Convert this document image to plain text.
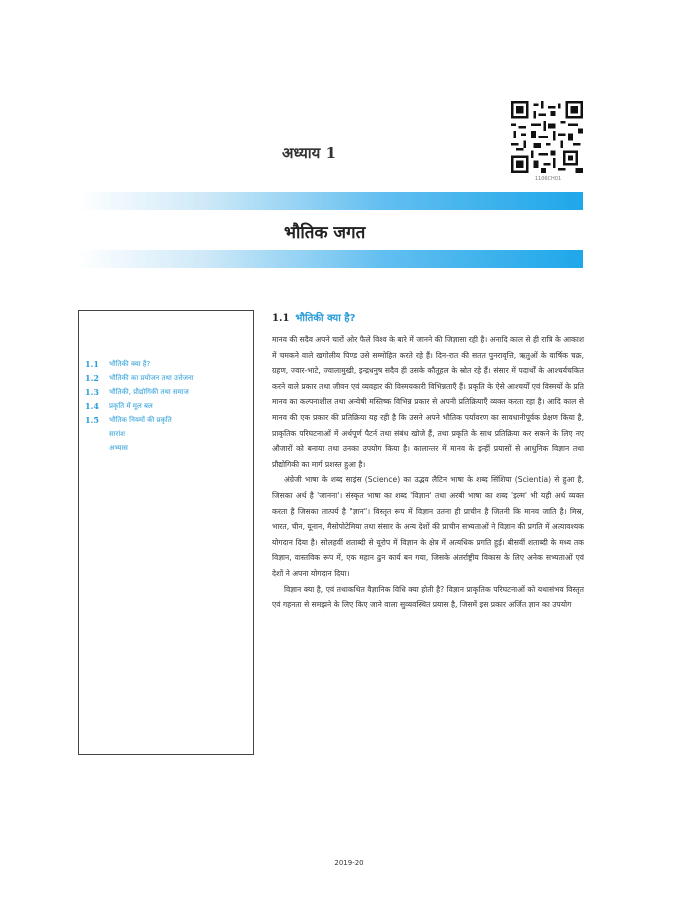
अध्याय 1
1106CH01
भौतिक जगत
1.1	भौतिकी क्या है?
1.2	भौतिकी का प्रयोजन तथा उत्तेजना
1.3	भौतिकी, प्रौद्योगिकी तथा समाज
1.4	प्रकृति में मूल बल
1.5	भौतिक नियमों की प्रकृति
सारांश
अभ्यास
1.1 भौतिकी क्या है?

मानव की सदैव अपने चारों ओर फैले विश्व के बारे में जानने की जिज्ञासा रही है। अनादि काल से ही रात्रि के आकाश में चमकने वाले खगोलीय पिण्ड उसे सम्मोहित करते रहे हैं। दिन-रात की सतत पुनरावृत्ति, ऋतुओं के वार्षिक चक्र, ग्रहण, ज्वार-भाटे, ज्वालामुखी, इन्द्रधनुष सदैव ही उसके कौतूहल के स्रोत रहे हैं। संसार में पदार्थों के आश्चर्यचकित करने वाले प्रकार तथा जीवन एवं व्यवहार की विस्मयकारी विभिन्नताएँ हैं। प्रकृति के ऐसे आश्चर्यों एवं विस्मयों के प्रति मानव का कल्पनाशील तथा अन्वेषी मस्तिष्क विभिन्न प्रकार से अपनी प्रतिक्रियाएँ व्यक्त करता रहा है। आदि काल से मानव की एक प्रकार की प्रतिक्रिया यह रही है कि उसने अपने भौतिक पर्यावरण का सावधानीपूर्वक प्रेक्षण किया है, प्राकृतिक परिघटनाओं में अर्थपूर्ण पैटर्न तथा संबंध खोजे हैं, तथा प्रकृति के साथ प्रतिक्रिया कर सकने के लिए नए औजारों को बनाया तथा उनका उपयोग किया है। कालान्तर में मानव के इन्हीं प्रयासों से आधुनिक विज्ञान तथा प्रौद्योगिकी का मार्ग प्रशस्त हुआ है।

अंग्रेजी भाषा के शब्द साइंस (Science) का उद्भव लैटिन भाषा के शब्द सिंशिया (Scientia) से हुआ है, जिसका अर्थ है 'जानना'। संस्कृत भाषा का शब्द 'विज्ञान' तथा अरबी भाषा का शब्द 'इल्म' भी यही अर्थ व्यक्त करता है जिसका तात्पर्य है "ज्ञान"। विस्तृत रूप में विज्ञान उतना ही प्राचीन है जितनी कि मानव जाति है। मिस्र, भारत, चीन, यूनान, मैसोपोटेमिया तथा संसार के अन्य देशों की प्राचीन सभ्यताओं ने विज्ञान की प्रगति में अत्यावश्यक योगदान दिया है। सोलहवीं शताब्दी से यूरोप में विज्ञान के क्षेत्र में अत्यधिक प्रगति हुई। बीसवीं शताब्दी के मध्य तक विज्ञान, वास्तविक रूप में, एक महान ढुन कार्य बन गया, जिसके अंतर्राष्ट्रीय विकास के लिए अनेक सभ्यताओं एवं देशों ने अपना योगदान दिया।

विज्ञान क्या है, एवं तथाकथित वैज्ञानिक विधि क्या होती है? विज्ञान प्राकृतिक परिघटनाओं को यथासंभव विस्तृत एवं गहनता से समझने के लिए किए जाने वाला सुव्यवस्थित प्रयास है, जिसमें इस प्रकार अर्जित ज्ञान का उपयोग

2019-20
